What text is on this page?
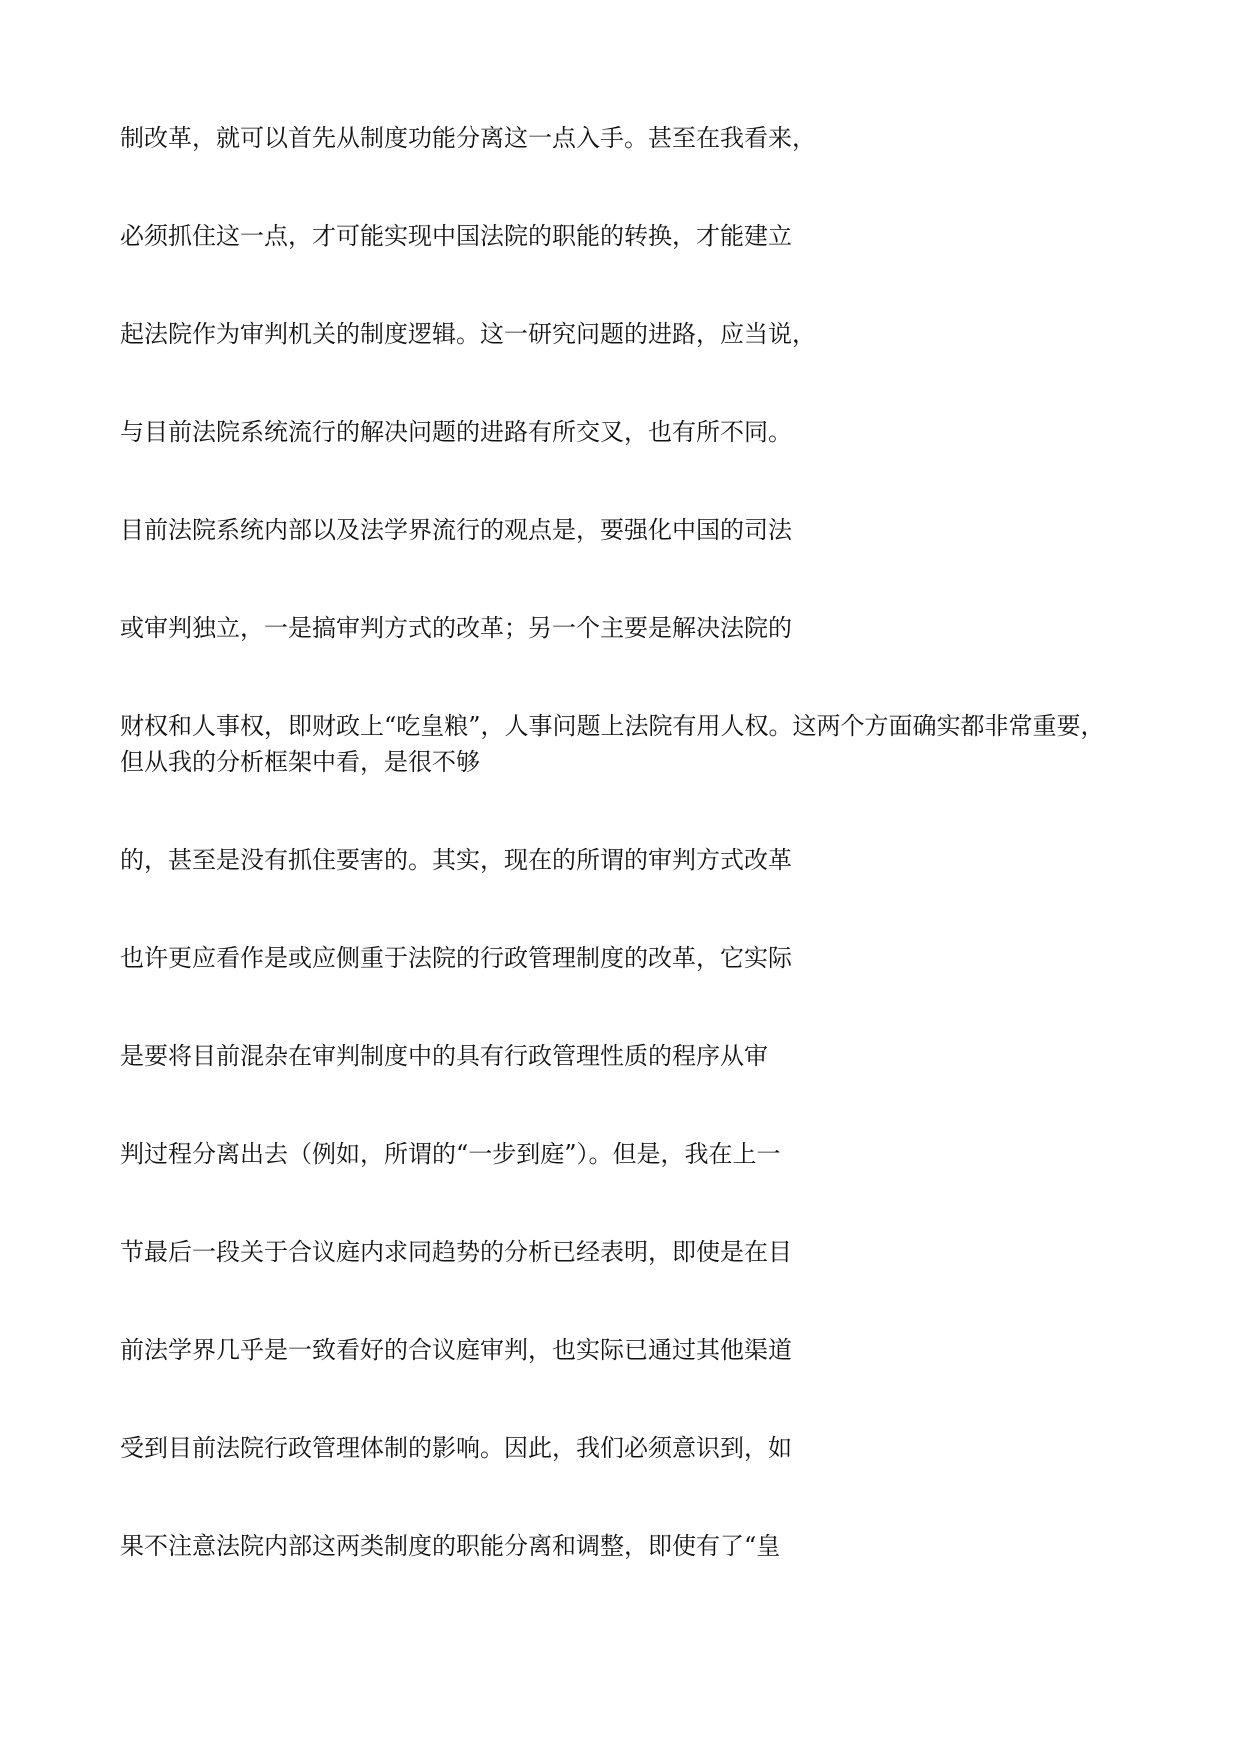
制改革，就可以首先从制度功能分离这一点入手。甚至在我看来，
必须抓住这一点，才可能实现中国法院的职能的转换，才能建立
起法院作为审判机关的制度逻辑。这一研究问题的进路，应当说，
与目前法院系统流行的解决问题的进路有所交叉，也有所不同。
目前法院系统内部以及法学界流行的观点是，要强化中国的司法
或审判独立，一是搞审判方式的改革；另一个主要是解决法院的
财权和人事权，即财政上“吃皇粮”，人事问题上法院有用人权。这两个方面确实都非常重要，
但从我的分析框架中看，是很不够
的，甚至是没有抓住要害的。其实，现在的所谓的审判方式改革
也许更应看作是或应侧重于法院的行政管理制度的改革，它实际
是要将目前混杂在审判制度中的具有行政管理性质的程序从审
判过程分离出去（例如，所谓的“一步到庭”）。但是，我在上一
节最后一段关于合议庭内求同趋势的分析已经表明，即使是在目
前法学界几乎是一致看好的合议庭审判，也实际已通过其他渠道
受到目前法院行政管理体制的影响。因此，我们必须意识到，如
果不注意法院内部这两类制度的职能分离和调整，即使有了“皇
